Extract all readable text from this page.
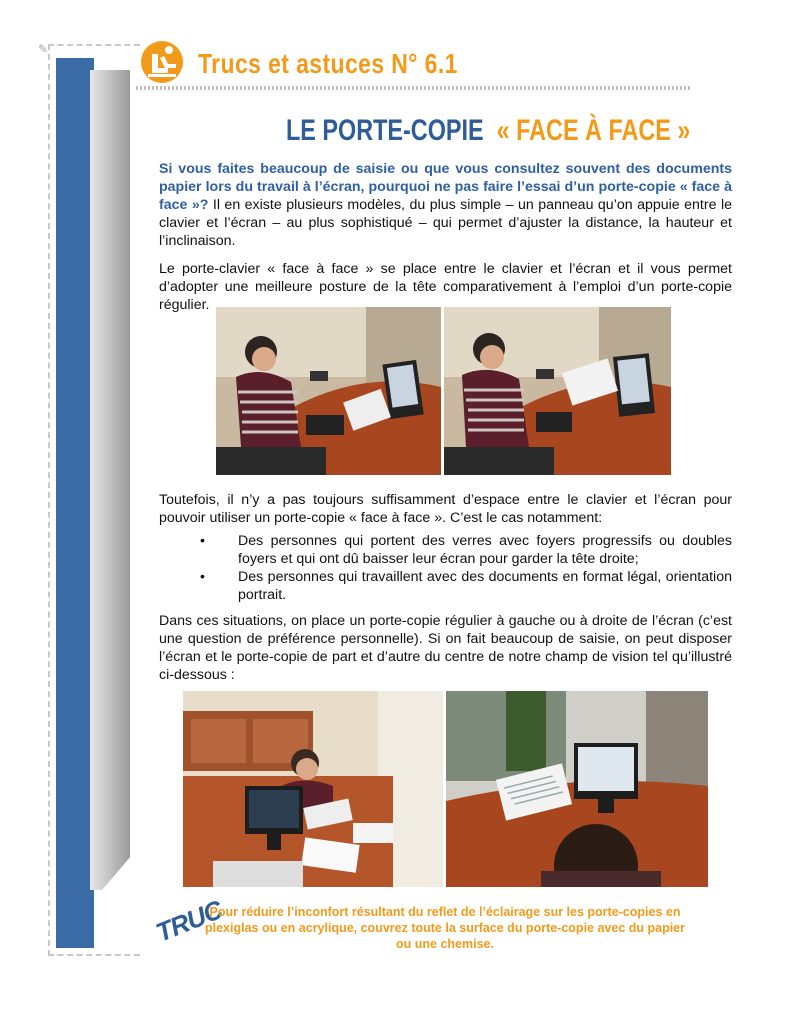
✎	Trucs et astuces N° 6.1
LE PORTE-COPIE « FACE À FACE »

Si vous faites beaucoup de saisie ou que vous consultez souvent des documents papier lors du travail à l’écran, pourquoi ne pas faire l’essai d’un porte-copie « face à face »? Il en existe plusieurs modèles, du plus simple – un panneau qu’on appuie entre le clavier et l’écran – au plus sophistiqué – qui permet d’ajuster la distance, la hauteur et l’inclinaison.

Le porte-clavier « face à face » se place entre le clavier et l’écran et il vous permet d’adopter une meilleure posture de la tête comparativement à l’emploi d’un porte-copie régulier.

Toutefois, il n’y a pas toujours suffisamment d’espace entre le clavier et l’écran pour pouvoir utiliser un porte-copie « face à face ». C’est le cas notamment:

• Des personnes qui portent des verres avec foyers progressifs ou doubles foyers et qui ont dû baisser leur écran pour garder la tête droite;
• Des personnes qui travaillent avec des documents en format légal, orientation portrait.

Dans ces situations, on place un porte-copie régulier à gauche ou à droite de l’écran (c’est une question de préférence personnelle). Si on fait beaucoup de saisie, on peut disposer l’écran et le porte-copie de part et d’autre du centre de notre champ de vision tel qu’illustré ci-dessous :

TRUC
Pour réduire l’inconfort résultant du reflet de l’éclairage sur les porte-copies en plexiglas ou en acrylique, couvrez toute la surface du porte-copie avec du papier ou une chemise.
